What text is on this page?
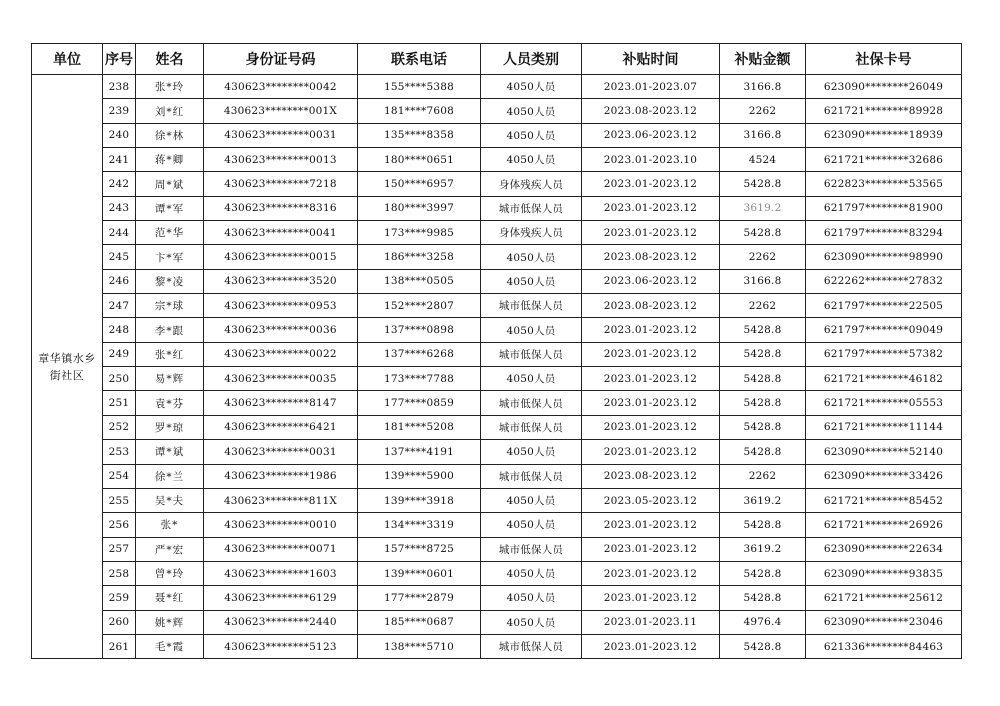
单位	序号	姓名	身份证号码	联系电话	人员类别	补贴时间	补贴金额	社保卡号
章华镇水乡街社区	238	张*玲	430623********0042	155****5388	4050人员	2023.01-2023.07	3166.8	623090********26049
	239	刘*红	430623********001X	181****7608	4050人员	2023.08-2023.12	2262	621721********89928
	240	徐*林	430623********0031	135****8358	4050人员	2023.06-2023.12	3166.8	623090********18939
	241	蒋*卿	430623********0013	180****0651	4050人员	2023.01-2023.10	4524	621721********32686
	242	周*斌	430623********7218	150****6957	身体残疾人员	2023.01-2023.12	5428.8	622823********53565
	243	谭*军	430623********8316	180****3997	城市低保人员	2023.01-2023.12	3619.2	621797********81900
	244	范*华	430623********0041	173****9985	身体残疾人员	2023.01-2023.12	5428.8	621797********83294
	245	卞*军	430623********0015	186****3258	4050人员	2023.08-2023.12	2262	623090********98990
	246	黎*凌	430623********3520	138****0505	4050人员	2023.06-2023.12	3166.8	622262********27832
	247	宗*球	430623********0953	152****2807	城市低保人员	2023.08-2023.12	2262	621797********22505
	248	李*跟	430623********0036	137****0898	4050人员	2023.01-2023.12	5428.8	621797********09049
	249	张*红	430623********0022	137****6268	城市低保人员	2023.01-2023.12	5428.8	621797********57382
	250	易*辉	430623********0035	173****7788	4050人员	2023.01-2023.12	5428.8	621721********46182
	251	袁*芬	430623********8147	177****0859	城市低保人员	2023.01-2023.12	5428.8	621721********05553
	252	罗*琼	430623********6421	181****5208	城市低保人员	2023.01-2023.12	5428.8	621721********11144
	253	谭*斌	430623********0031	137****4191	4050人员	2023.01-2023.12	5428.8	623090********52140
	254	徐*兰	430623********1986	139****5900	城市低保人员	2023.08-2023.12	2262	623090********33426
	255	吴*夫	430623********811X	139****3918	4050人员	2023.05-2023.12	3619.2	621721********85452
	256	张*	430623********0010	134****3319	4050人员	2023.01-2023.12	5428.8	621721********26926
	257	严*宏	430623********0071	157****8725	城市低保人员	2023.01-2023.12	3619.2	623090********22634
	258	曾*玲	430623********1603	139****0601	4050人员	2023.01-2023.12	5428.8	623090********93835
	259	聂*红	430623********6129	177****2879	4050人员	2023.01-2023.12	5428.8	621721********25612
	260	姚*辉	430623********2440	185****0687	4050人员	2023.01-2023.11	4976.4	623090********23046
	261	毛*霞	430623********5123	138****5710	城市低保人员	2023.01-2023.12	5428.8	621336********84463
